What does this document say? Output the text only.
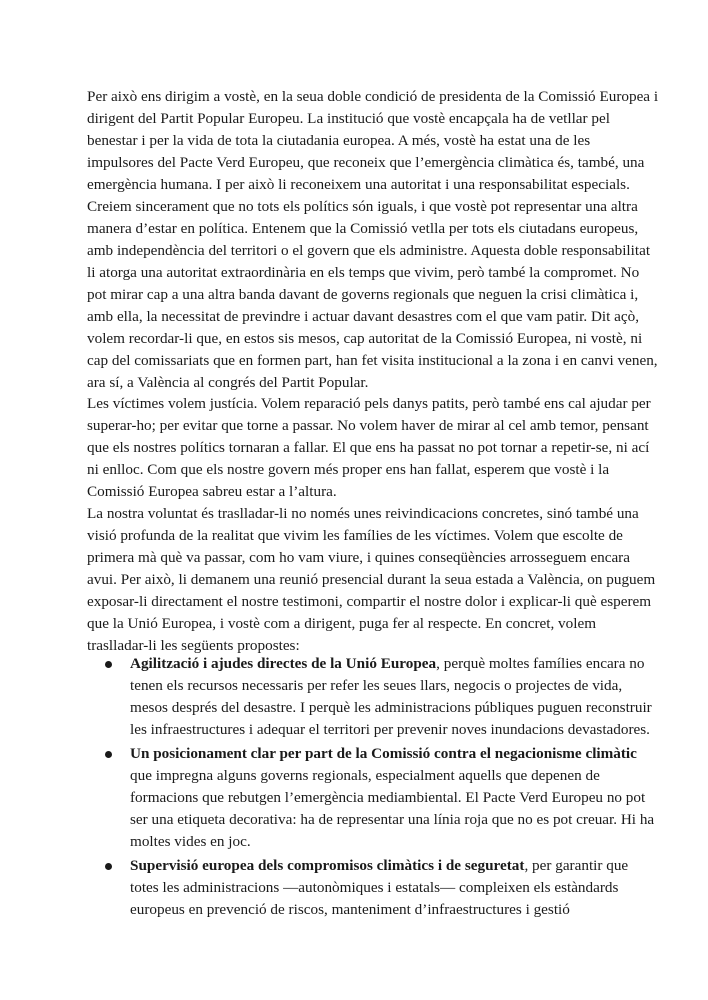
Per això ens dirigim a vostè, en la seua doble condició de presidenta de la Comissió Europea i
dirigent del Partit Popular Europeu. La institució que vostè encapçala ha de vetllar pel
benestar i per la vida de tota la ciutadania europea. A més, vostè ha estat una de les
impulsores del Pacte Verd Europeu, que reconeix que l’emergència climàtica és, també, una
emergència humana. I per això li reconeixem una autoritat i una responsabilitat especials.
Creiem sincerament que no tots els polítics són iguals, i que vostè pot representar una altra
manera d’estar en política. Entenem que la Comissió vetlla per tots els ciutadans europeus,
amb independència del territori o el govern que els administre. Aquesta doble responsabilitat
li atorga una autoritat extraordinària en els temps que vivim, però també la compromet. No
pot mirar cap a una altra banda davant de governs regionals que neguen la crisi climàtica i,
amb ella, la necessitat de previndre i actuar davant desastres com el que vam patir. Dit açò,
volem recordar-li que, en estos sis mesos, cap autoritat de la Comissió Europea, ni vostè, ni
cap del comissariats que en formen part, han fet visita institucional a la zona i en canvi venen,
ara sí, a València al congrés del Partit Popular.
Les víctimes volem justícia. Volem reparació pels danys patits, però també ens cal ajudar per
superar-ho; per evitar que torne a passar. No volem haver de mirar al cel amb temor, pensant
que els nostres polítics tornaran a fallar. El que ens ha passat no pot tornar a repetir-se, ni ací
ni enlloc. Com que els nostre govern més proper ens han fallat, esperem que vostè i la
Comissió Europea sabreu estar a l’altura.
La nostra voluntat és traslladar-li no només unes reivindicacions concretes, sinó també una
visió profunda de la realitat que vivim les famílies de les víctimes. Volem que escolte de
primera mà què va passar, com ho vam viure, i quines conseqüències arrosseguem encara
avui. Per això, li demanem una reunió presencial durant la seua estada a València, on puguem
exposar-li directament el nostre testimoni, compartir el nostre dolor i explicar-li què esperem
que la Unió Europea, i vostè com a dirigent, puga fer al respecte. En concret, volem
traslladar-li les següents propostes:
Agilització i ajudes directes de la Unió Europea, perquè moltes famílies encara no
tenen els recursos necessaris per refer les seues llars, negocis o projectes de vida,
mesos després del desastre. I perquè les administracions públiques puguen reconstruir
les infraestructures i adequar el territori per prevenir noves inundacions devastadores.
Un posicionament clar per part de la Comissió contra el negacionisme climàtic
que impregna alguns governs regionals, especialment aquells que depenen de
formacions que rebutgen l’emergència mediambiental. El Pacte Verd Europeu no pot
ser una etiqueta decorativa: ha de representar una línia roja que no es pot creuar. Hi ha
moltes vides en joc.
Supervisió europea dels compromisos climàtics i de seguretat, per garantir que
totes les administracions —autonòmiques i estatals— compleixen els estàndards
europeus en prevenció de riscos, manteniment d’infraestructures i gestió
